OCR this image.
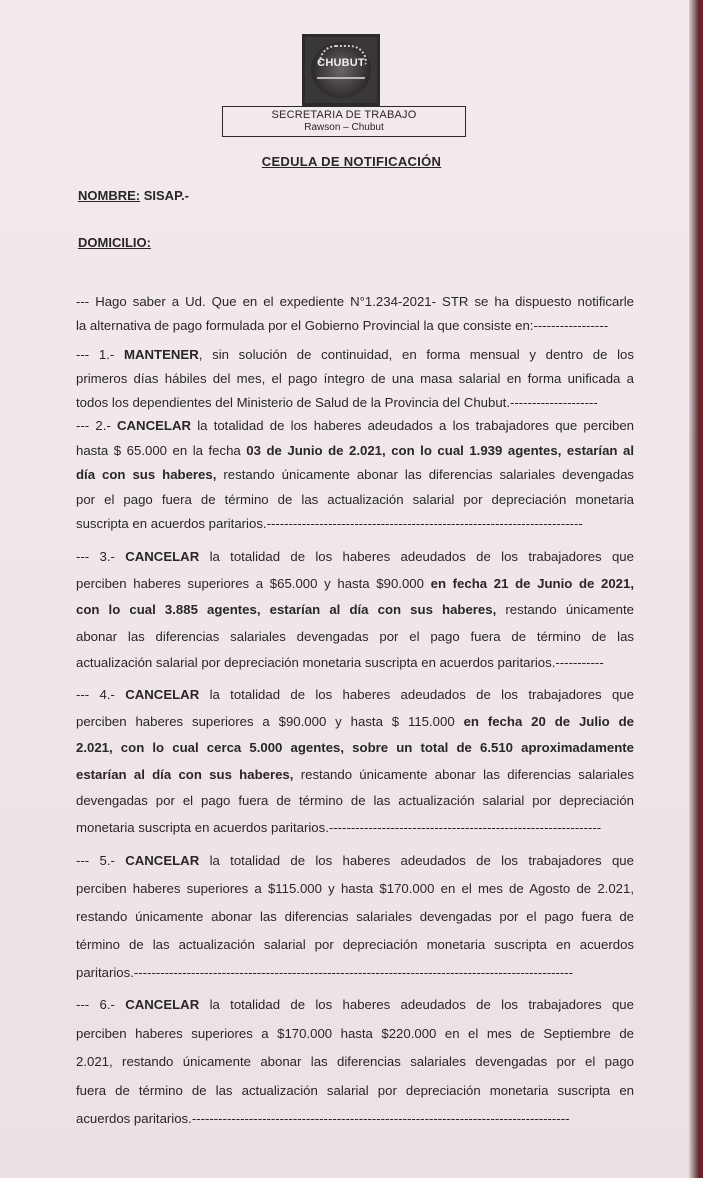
CHUBUT
SECRETARIA DE TRABAJO
Rawson – Chubut
CEDULA DE NOTIFICACIÓN
NOMBRE: SISAP.-
DOMICILIO:
--- Hago saber a Ud. Que en el expediente N°1.234-2021- STR se ha dispuesto notificarle
la alternativa de pago formulada por el Gobierno Provincial la que consiste en:-----------------
--- 1.- MANTENER, sin solución de continuidad, en forma mensual y dentro de los
primeros días hábiles del mes, el pago íntegro de una masa salarial en forma unificada a
todos los dependientes del Ministerio de Salud de la Provincia del Chubut.--------------------
--- 2.- CANCELAR la totalidad de los haberes adeudados a los trabajadores que perciben
hasta $ 65.000 en la fecha 03 de Junio de 2.021, con lo cual 1.939 agentes, estarían al
día con sus haberes, restando únicamente abonar las diferencias salariales devengadas
por el pago fuera de término de las actualización salarial por depreciación monetaria
suscripta en acuerdos paritarios.------------------------------------------------------------------------
--- 3.- CANCELAR la totalidad de los haberes adeudados de los trabajadores que
perciben haberes superiores a $65.000 y hasta $90.000 en fecha 21 de Junio de 2021,
con lo cual 3.885 agentes, estarían al día con sus haberes, restando únicamente
abonar las diferencias salariales devengadas por el pago fuera de término de las
actualización salarial por depreciación monetaria suscripta en acuerdos paritarios.-----------
--- 4.- CANCELAR la totalidad de los haberes adeudados de los trabajadores que
perciben haberes superiores a $90.000 y hasta $ 115.000 en fecha 20 de Julio de
2.021, con lo cual cerca 5.000 agentes, sobre un total de 6.510 aproximadamente
estarían al día con sus haberes, restando únicamente abonar las diferencias salariales
devengadas por el pago fuera de término de las actualización salarial por depreciación
monetaria suscripta en acuerdos paritarios.--------------------------------------------------------------
--- 5.- CANCELAR la totalidad de los haberes adeudados de los trabajadores que
perciben haberes superiores a $115.000 y hasta $170.000 en el mes de Agosto de 2.021,
restando únicamente abonar las diferencias salariales devengadas por el pago fuera de
término de las actualización salarial por depreciación monetaria suscripta en acuerdos
paritarios.----------------------------------------------------------------------------------------------------
--- 6.- CANCELAR la totalidad de los haberes adeudados de los trabajadores que
perciben haberes superiores a $170.000 hasta $220.000 en el mes de Septiembre de
2.021, restando únicamente abonar las diferencias salariales devengadas por el pago
fuera de término de las actualización salarial por depreciación monetaria suscripta en
acuerdos paritarios.--------------------------------------------------------------------------------------
